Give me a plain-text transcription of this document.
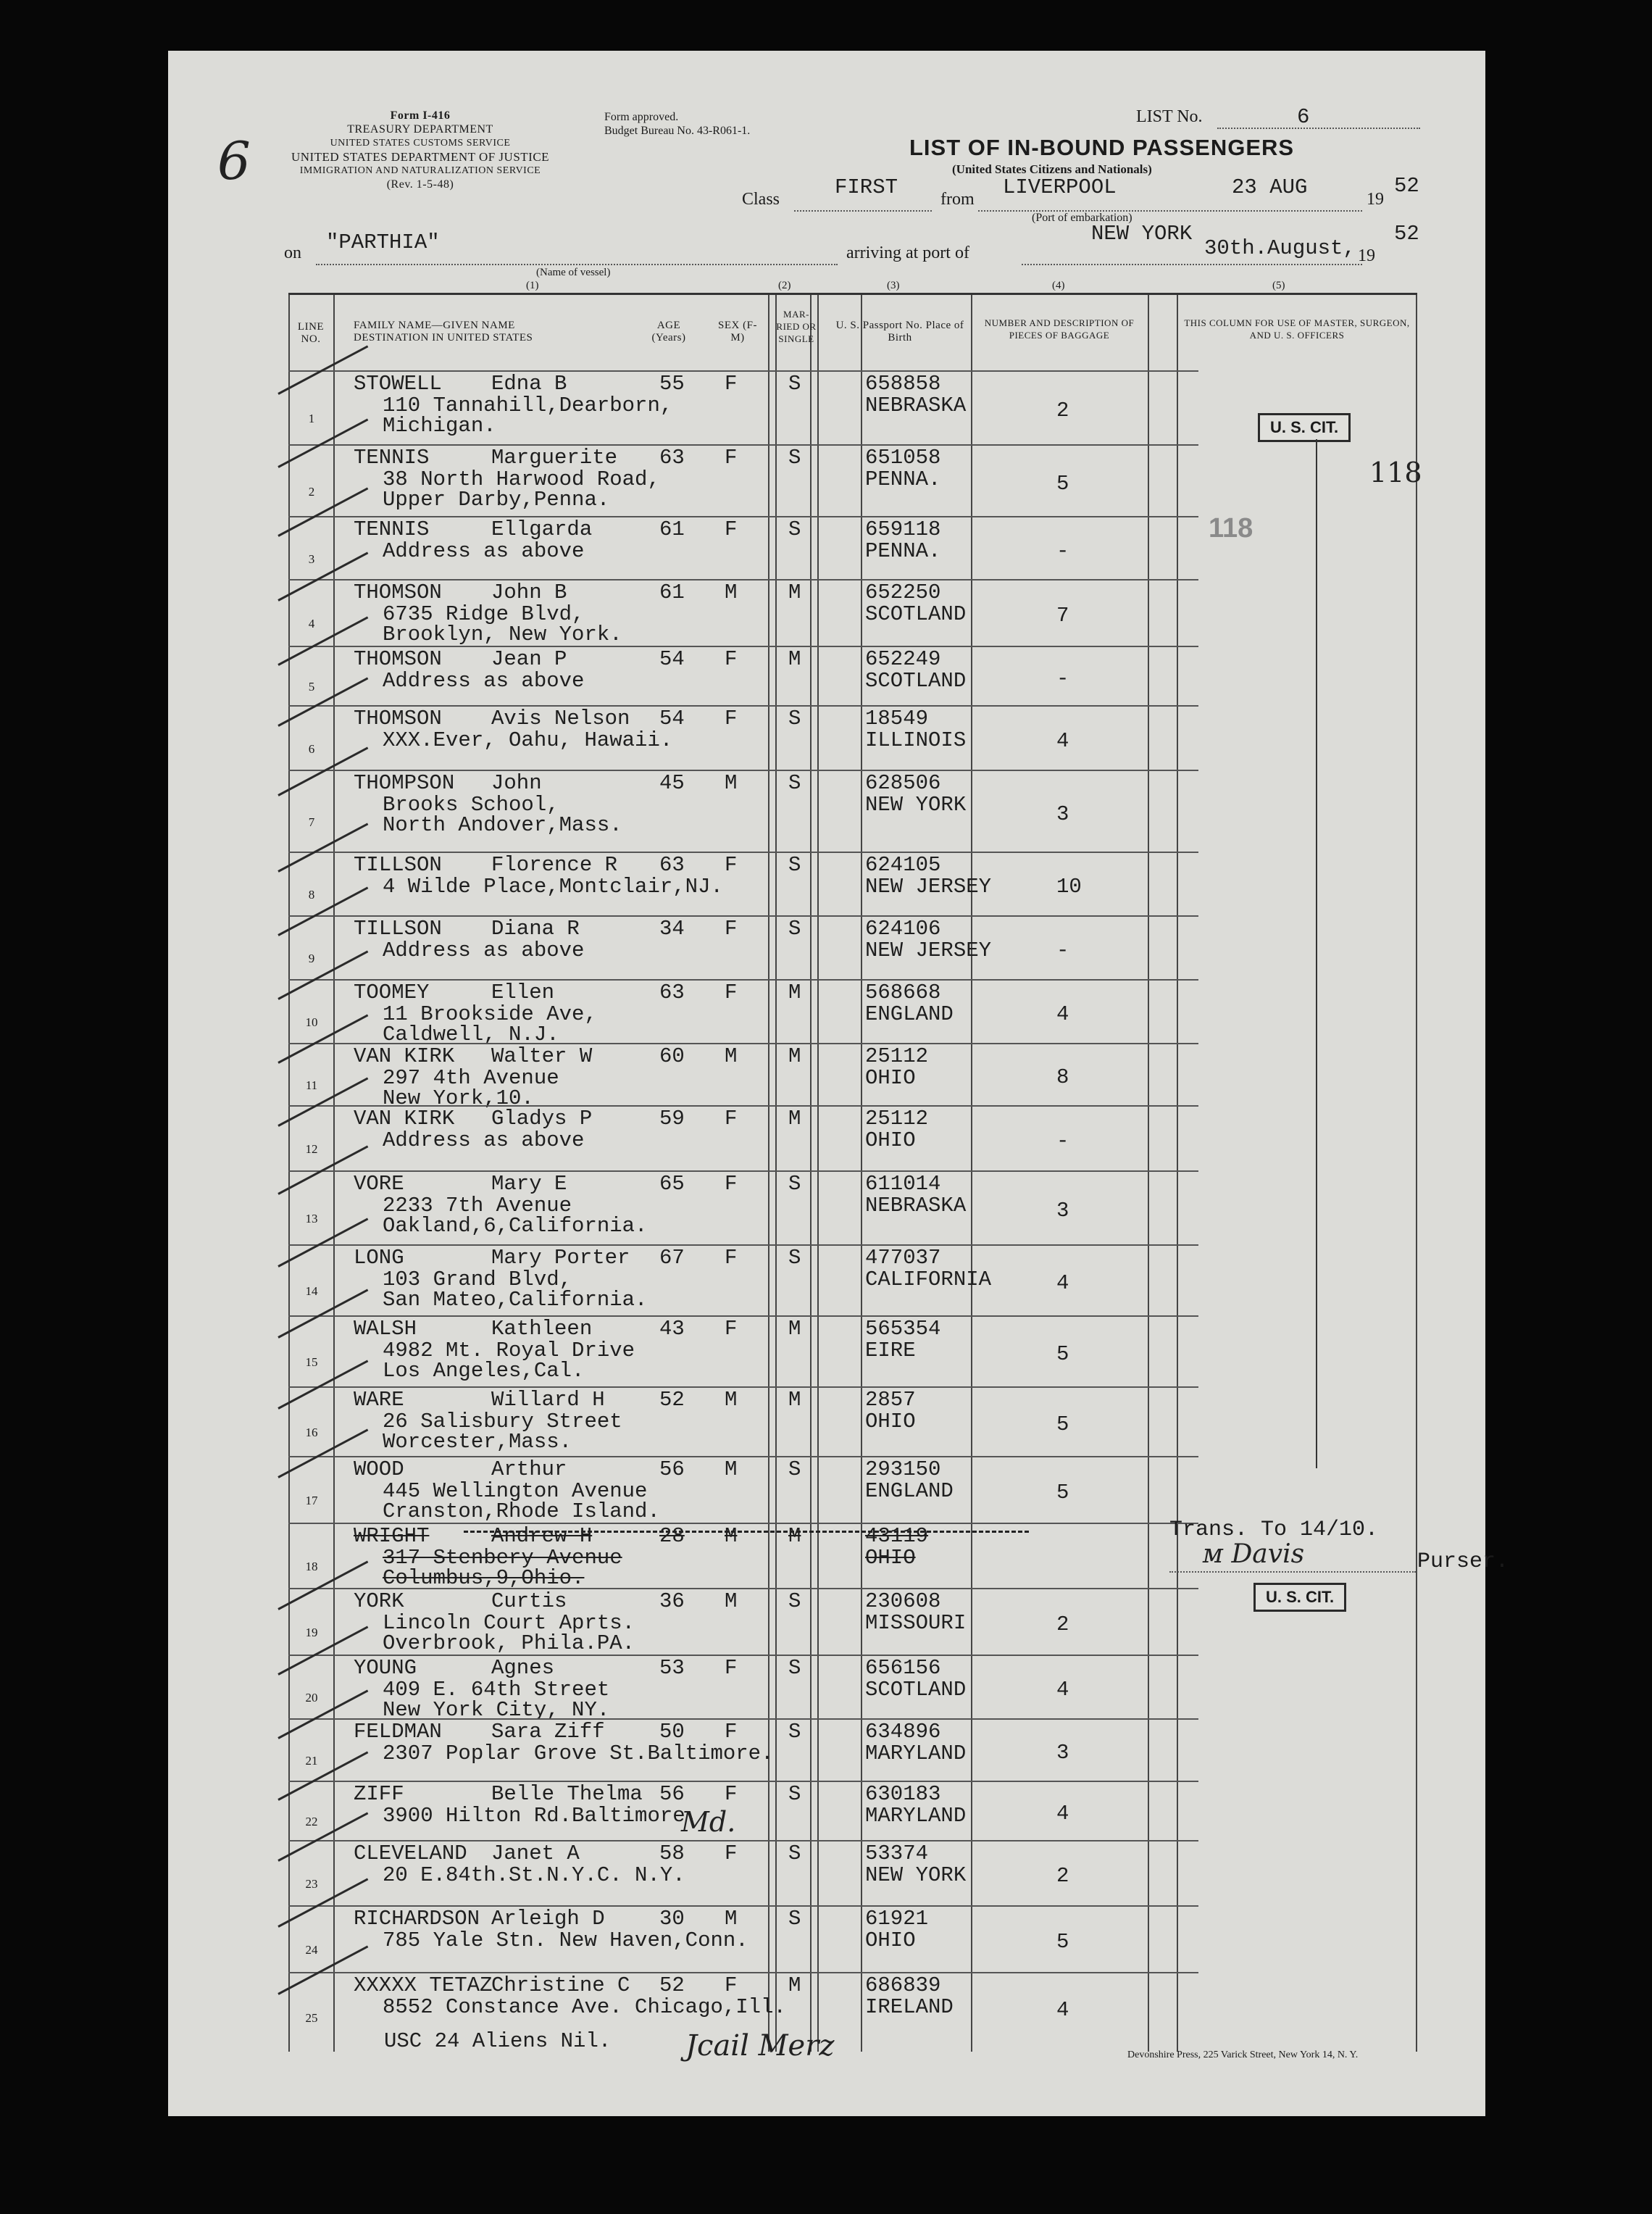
6
Form I-416
TREASURY DEPARTMENT
UNITED STATES CUSTOMS SERVICE
UNITED STATES DEPARTMENT OF JUSTICE
IMMIGRATION AND NATURALIZATION SERVICE
(Rev. 1-5-48)
Form approved.
Budget Bureau No. 43-R061-1.
LIST No.	6
LIST OF IN-BOUND PASSENGERS
(United States Citizens and Nationals)
Class	FIRST from LIVERPOOL	23 AUG	19
52
(Port of embarkation)
on "PARTHIA"
(Name of vessel)
arriving at port of
NEW YORK
30th.August, 19
52
(1)	(2)	(3)	(4)	(5)
LINE NO.
FAMILY NAME—GIVEN NAME
DESTINATION IN UNITED STATES
AGE (Years)
SEX (F-M)
MAR-RIED OR SINGLE
U. S. Passport No. Place of Birth
NUMBER AND DESCRIPTION OF PIECES OF BAGGAGE
THIS COLUMN FOR USE OF MASTER, SURGEON, AND U. S. OFFICERS
STOWELL Edna B
110 Tannahill,Dearborn,
Michigan.
55 F S	658858
NEBRASKA	2
1
TENNIS	Marguerite
38 North Harwood Road,
Upper Darby,Penna.
63 F S	651058
PENNA.	5
2
TENNIS	Ellgarda
Address as above
61 F S	659118
PENNA.	-
3
THOMSON John B
6735 Ridge Blvd,
Brooklyn, New York.
61 M M	652250
SCOTLAND	7
4
THOMSON Jean P
Address as above
54 F M	652249
SCOTLAND	-
5
THOMSON Avis Nelson
XXX.Ever, Oahu, Hawaii.
54 F S	18549
ILLINOIS	4
6
THOMPSON John
Brooks School,
North Andover,Mass.
45 M S	628506
NEW YORK	3
7
TILLSON Florence R
4 Wilde Place,Montclair,NJ.
63 F S	624105
NEW JERSEY	10
8
TILLSON Diana R
Address as above
34 F S	624106
NEW JERSEY	-
9
TOOMEY	Ellen
11 Brookside Ave,
Caldwell, N.J.
63 F M	568668
ENGLAND	4
10
VAN KIRK Walter W
297 4th Avenue
New York,10.
60 M M	25112
OHIO	8
11
VAN KIRK Gladys P
Address as above
59 F M	25112
OHIO	-
12
VORE	Mary E
2233 7th Avenue
Oakland,6,California.
65 F S	611014
NEBRASKA	3
13
LONG	Mary Porter
103 Grand Blvd,
San Mateo,California.
67 F S	477037
CALIFORNIA	4
14
WALSH	Kathleen
4982 Mt. Royal Drive
Los Angeles,Cal.
43 F M	565354
EIRE	5
15
WARE	Willard H
26 Salisbury Street
Worcester,Mass.
52 M M	2857
OHIO	5
16
WOOD	Arthur
445 Wellington Avenue
Cranston,Rhode Island.
56 M S	293150
ENGLAND	5
17
WRIGHT	Andrew H
317 Stenbery Avenue
Columbus,9,Ohio.
28 M M	43119
OHIO
18
YORK	Curtis
Lincoln Court Aprts.
Overbrook, Phila.PA.
36 M S	230608
MISSOURI	2
19
YOUNG	Agnes
409 E. 64th Street
New York City, NY.
53 F S	656156
SCOTLAND	4
20
FELDMAN Sara Ziff
2307 Poplar Grove St.Baltimore.
50 F S	634896
MARYLAND	3
21
ZIFF	Belle Thelma
3900 Hilton Rd.Baltimore.
56 F S	630183
MARYLAND	4
22
CLEVELAND Janet A
20 E.84th.St.N.Y.C. N.Y.
58 F S	53374
NEW YORK	2
23
RICHARDSON Arleigh D
785 Yale Stn. New Haven,Conn.
30 M S	61921
OHIO	5
24
XXXXX TETAZ
Christine C
8552 Constance Ave. Chicago,Ill.
52 F M	686839
IRELAND	4
25
U. S. CIT.
118
118
Trans. To 14/10.
ᴍ Davis	Purser.
U. S. CIT.
Md.
USC 24 Aliens Nil.	Jcail Merz	Devonshire Press, 225 Varick Street, New York 14, N. Y.
